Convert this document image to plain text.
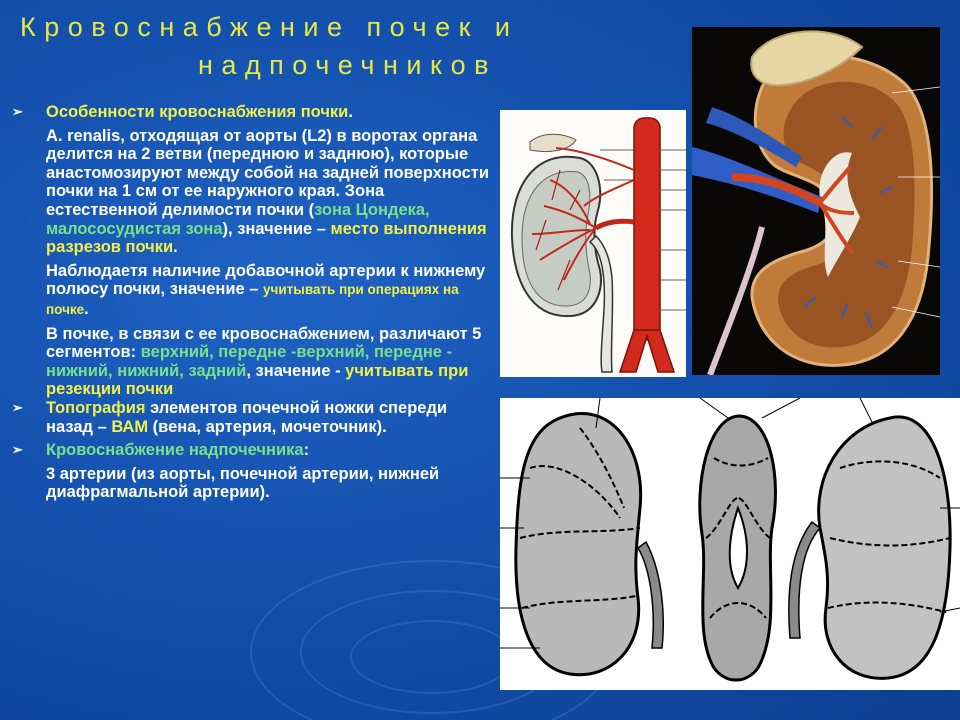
Кровоснабжение почек и
надпочечников

➢ Особенности кровоснабжения почки.

A. renalis, отходящая от аорты (L2) в воротах органа делится на 2 ветви (переднюю и заднюю), которые анастомозируют между собой на задней поверхности почки на 1 см от ее наружного края. Зона естественной делимости почки (зона Цондека, малососудистая зона), значение – место выполнения разрезов почки.

Наблюдаетя наличие добавочной артерии к нижнему полюсу почки, значение – учитывать при операциях на почке.

В почке, в связи с ее кровоснабжением, различают 5 сегментов: верхний, передне -верхний, передне - нижний, нижний, задний, значение - учитывать при резекции почки

➢ Топография элементов почечной ножки спереди назад – ВАМ (вена, артерия, мочеточник).

➢ Кровоснабжение надпочечника:

3 артерии (из аорты, почечной артерии, нижней диафрагмальной артерии).
